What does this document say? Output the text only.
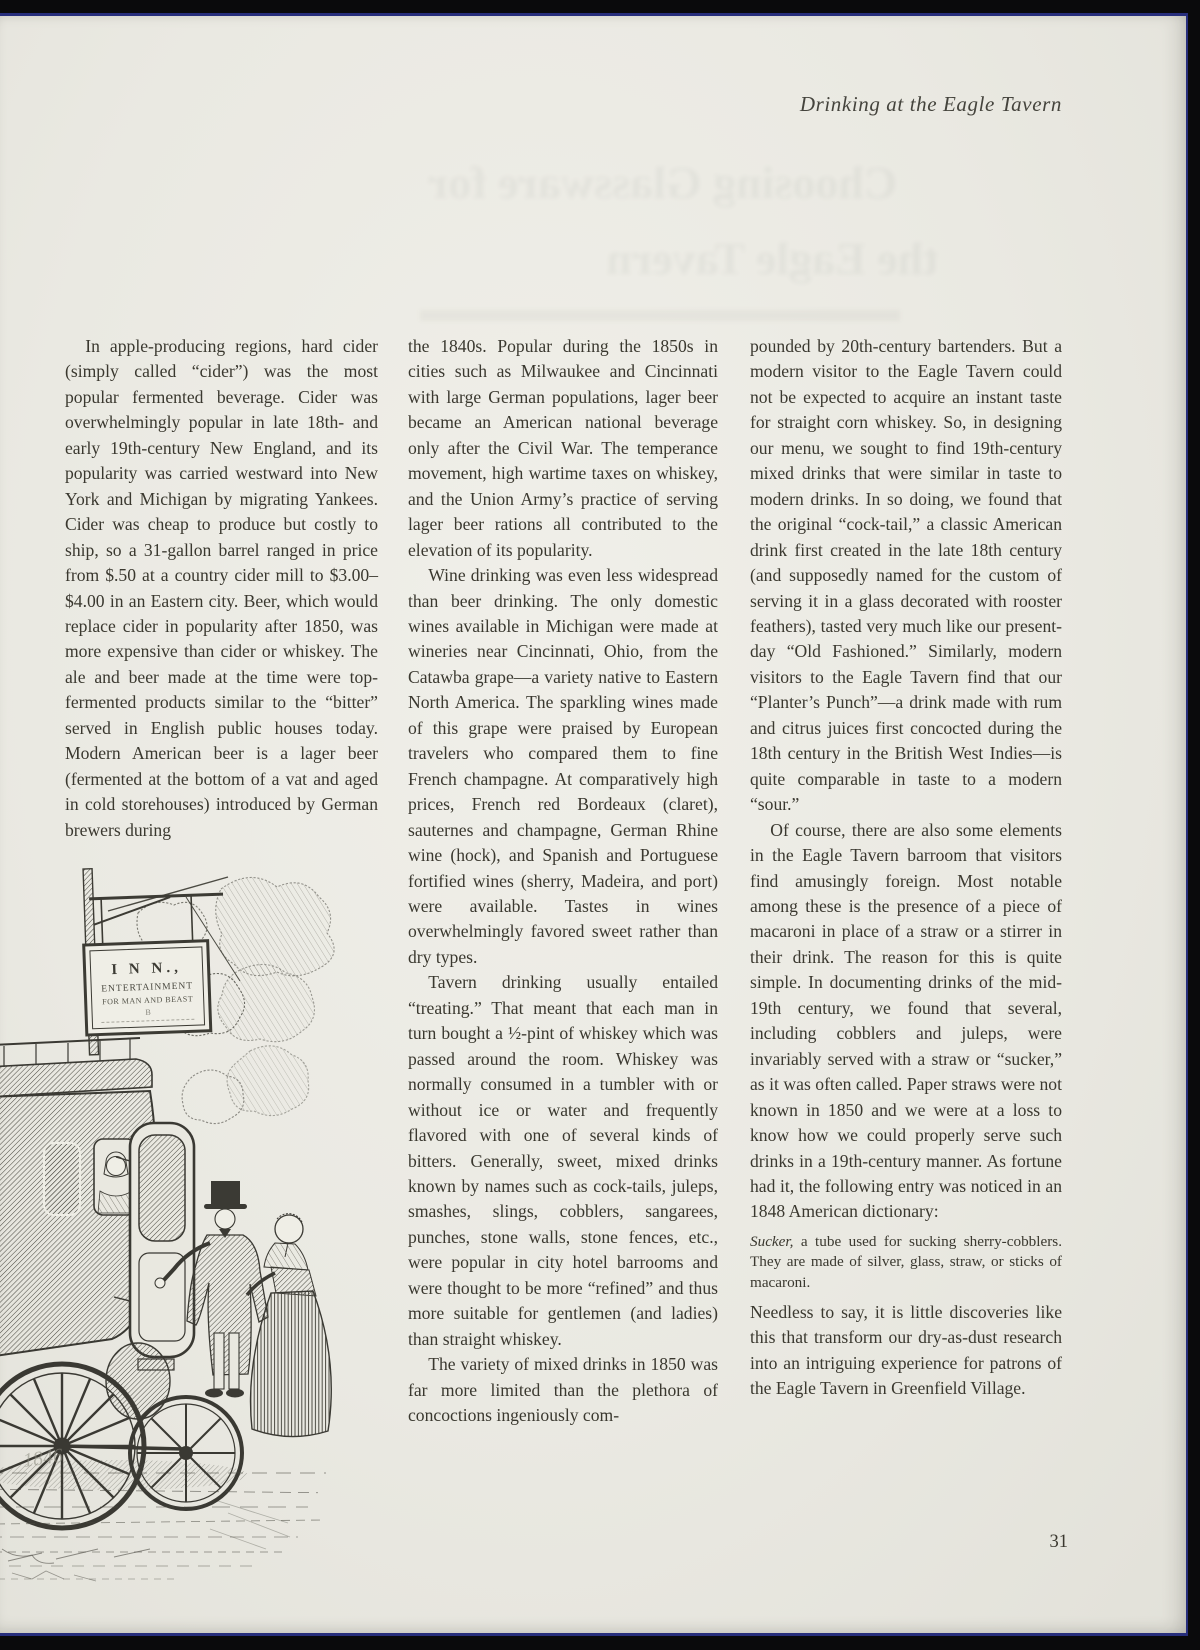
Drinking at the Eagle Tavern
Choosing Glassware for
the Eagle Tavern

In apple-producing regions, hard cider (simply called “cider”) was the most popular fermented beverage. Cider was overwhelmingly popular in late 18th- and early 19th-century New England, and its popularity was carried westward into New York and Michigan by migrating Yankees. Cider was cheap to produce but costly to ship, so a 31-gallon barrel ranged in price from $.50 at a country cider mill to $3.00–$4.00 in an Eastern city. Beer, which would replace cider in popularity after 1850, was more expensive than cider or whiskey. The ale and beer made at the time were top-fermented products similar to the “bitter” served in English public houses today. Modern American beer is a lager beer (fermented at the bottom of a vat and aged in cold storehouses) introduced by German brewers during

the 1840s. Popular during the 1850s in cities such as Milwaukee and Cincinnati with large German populations, lager beer became an American national beverage only after the Civil War. The temperance movement, high wartime taxes on whiskey, and the Union Army’s practice of serving lager beer rations all contributed to the elevation of its popularity.

Wine drinking was even less widespread than beer drinking. The only domestic wines available in Michigan were made at wineries near Cincinnati, Ohio, from the Catawba grape—a variety native to Eastern North America. The sparkling wines made of this grape were praised by European travelers who compared them to fine French champagne. At comparatively high prices, French red Bordeaux (claret), sauternes and champagne, German Rhine wine (hock), and Spanish and Portuguese fortified wines (sherry, Madeira, and port) were available. Tastes in wines overwhelmingly favored sweet rather than dry types.

Tavern drinking usually entailed “treating.” That meant that each man in turn bought a ½-pint of whiskey which was passed around the room. Whiskey was normally consumed in a tumbler with or without ice or water and frequently flavored with one of several kinds of bitters. Generally, sweet, mixed drinks known by names such as cock-tails, juleps, smashes, slings, cobblers, sangarees, punches, stone walls, stone fences, etc., were popular in city hotel barrooms and were thought to be more “refined” and thus more suitable for gentlemen (and ladies) than straight whiskey.

The variety of mixed drinks in 1850 was far more limited than the plethora of concoctions ingeniously com-

pounded by 20th-century bartenders. But a modern visitor to the Eagle Tavern could not be expected to acquire an instant taste for straight corn whiskey. So, in designing our menu, we sought to find 19th-century mixed drinks that were similar in taste to modern drinks. In so doing, we found that the original “cock-tail,” a classic American drink first created in the late 18th century (and supposedly named for the custom of serving it in a glass decorated with rooster feathers), tasted very much like our present-day “Old Fashioned.” Similarly, modern visitors to the Eagle Tavern find that our “Planter’s Punch”—a drink made with rum and citrus juices first concocted during the 18th century in the British West Indies—is quite comparable in taste to a modern “sour.”

Of course, there are also some elements in the Eagle Tavern barroom that visitors find amusingly foreign. Most notable among these is the presence of a piece of macaroni in place of a straw or a stirrer in their drink. The reason for this is quite simple. In documenting drinks of the mid-19th century, we found that several, including cobblers and juleps, were invariably served with a straw or “sucker,” as it was often called. Paper straws were not known in 1850 and we were at a loss to know how we could properly serve such drinks in a 19th-century manner. As fortune had it, the following entry was noticed in an 1848 American dictionary:

Sucker, a tube used for sucking sherry-cobblers. They are made of silver, glass, straw, or sticks of macaroni.

Needless to say, it is little discoveries like this that transform our dry-as-dust research into an intriguing experience for patrons of the Eagle Tavern in Greenfield Village.

31
I N N.,
ENTERTAINMENT
FOR MAN AND BEAST
B
1846
